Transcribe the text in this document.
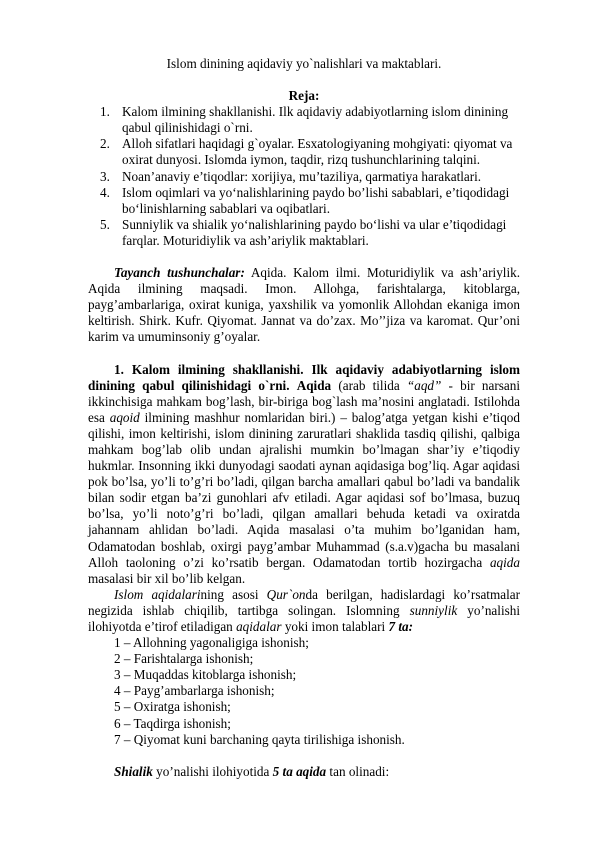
Islom dinining aqidaviy yo`nalishlari va maktablari.

Reja:
1. Kalom ilmining shakllanishi. Ilk aqidaviy adabiyotlarning islom dinining qabul qilinishidagi o`rni.
2. Alloh sifatlari haqidagi g`oyalar. Esxatologiyaning mohgiyati: qiyomat va oxirat dunyosi. Islomda iymon, taqdir, rizq tushunchlarining talqini.
3. Noan’anaviy e’tiqodlar: xorijiya, mu’taziliya, qarmatiya harakatlari.
4. Islom oqimlari va yo‘nalishlarining paydo bo’lishi sabablari, e’tiqodidagi bo‘linishlarning sabablari va oqibatlari.
5. Sunniylik va shialik yo‘nalishlarining paydo bo‘lishi va ular e’tiqodidagi farqlar. Moturidiylik va ash’ariylik maktablari.

Tayanch tushunchalar: Aqida. Kalom ilmi. Moturidiylik va ash’ariylik. Aqida ilmining maqsadi. Imon. Allohga, farishtalarga, kitoblarga, payg’ambarlariga, oxirat kuniga, yaxshilik va yomonlik Allohdan ekaniga imon keltirish. Shirk. Kufr. Qiyomat. Jannat va do’zax. Mo’’jiza va karomat. Qur’oni karim va umuminsoniy g’oyalar.

1. Kalom ilmining shakllanishi. Ilk aqidaviy adabiyotlarning islom dinining qabul qilinishidagi o`rni. Aqida (arab tilida “aqd” - bir narsani ikkinchisiga mahkam bog’lash, bir-biriga bog`lash ma’nosini anglatadi. Istilohda esa aqoid ilmining mashhur nomlaridan biri.) – balog’atga yetgan kishi e’tiqod qilishi, imon keltirishi, islom dinining zaruratlari shaklida tasdiq qilishi, qalbiga mahkam bog’lab olib undan ajralishi mumkin bo’lmagan shar’iy e’tiqodiy hukmlar. Insonning ikki dunyodagi saodati aynan aqidasiga bog’liq. Agar aqidasi pok bo’lsa, yo’li to’g’ri bo’ladi, qilgan barcha amallari qabul bo’ladi va bandalik bilan sodir etgan ba’zi gunohlari afv etiladi. Agar aqidasi sof bo’lmasa, buzuq bo’lsa, yo’li noto’g’ri bo’ladi, qilgan amallari behuda ketadi va oxiratda jahannam ahlidan bo’ladi. Aqida masalasi o’ta muhim bo’lganidan ham, Odamatodan boshlab, oxirgi payg’ambar Muhammad (s.a.v)gacha bu masalani Alloh taoloning o’zi ko’rsatib bergan. Odamatodan tortib hozirgacha aqida masalasi bir xil bo’lib kelgan.

Islom aqidalarining asosi Qur`onda berilgan, hadislardagi ko’rsatmalar negizida ishlab chiqilib, tartibga solingan. Islomning sunniylik yo’nalishi ilohiyotda e’tirof etiladigan aqidalar yoki imon talablari 7 ta:

1 – Allohning yagonaligiga ishonish;
2 – Farishtalarga ishonish;
3 – Muqaddas kitoblarga ishonish;
4 – Payg’ambarlarga ishonish;
5 – Oxiratga ishonish;
6 – Taqdirga ishonish;
7 – Qiyomat kuni barchaning qayta tirilishiga ishonish.

Shialik yo’nalishi ilohiyotida 5 ta aqida tan olinadi:
